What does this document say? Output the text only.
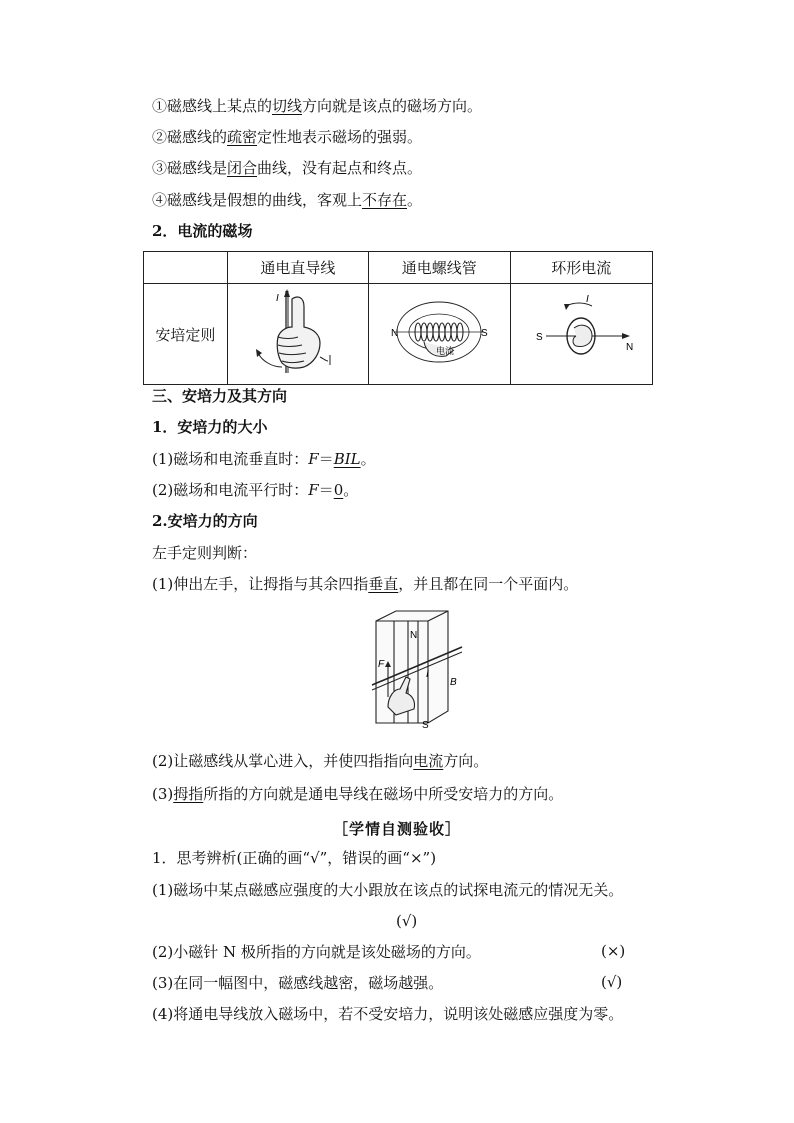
①磁感线上某点的切线方向就是该点的磁场方向。
②磁感线的疏密定性地表示磁场的强弱。
③磁感线是闭合曲线，没有起点和终点。
④磁感线是假想的曲线，客观上不存在。
2．电流的磁场
	通电直导线	通电螺线管	环形电流
安培定则	I	N S
电流	I
S
N
三、安培力及其方向
1．安培力的大小
(1)磁场和电流垂直时：F＝BIL。
(2)磁场和电流平行时：F＝0。
2.安培力的方向
左手定则判断：
(1)伸出左手，让拇指与其余四指垂直，并且都在同一个平面内。
N
S
F
I
B
(2)让磁感线从掌心进入，并使四指指向电流方向。
(3)拇指所指的方向就是通电导线在磁场中所受安培力的方向。
［学情自测验收］
1．思考辨析(正确的画“√”，错误的画“×”)
(1)磁场中某点磁感应强度的大小跟放在该点的试探电流元的情况无关。
(√)
(2)小磁针 N 极所指的方向就是该处磁场的方向。	(×)
(3)在同一幅图中，磁感线越密，磁场越强。	(√)
(4)将通电导线放入磁场中，若不受安培力，说明该处磁感应强度为零。
